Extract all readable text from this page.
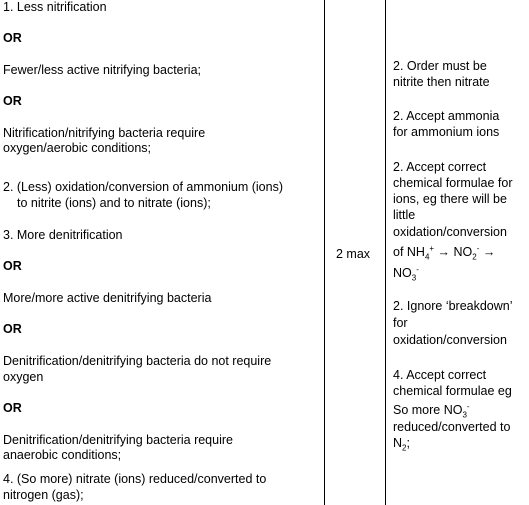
1. Less nitrification
OR
Fewer/less active nitrifying bacteria;
OR
Nitrification/nitrifying bacteria require
oxygen/aerobic conditions;
2. (Less) oxidation/conversion of ammonium (ions)
to nitrite (ions) and to nitrate (ions);
3. More denitrification
OR
More/more active denitrifying bacteria
OR
Denitrification/denitrifying bacteria do not require
oxygen
OR
Denitrification/denitrifying bacteria require
anaerobic conditions;
4. (So more) nitrate (ions) reduced/converted to
nitrogen (gas);
2 max
2. Order must be
nitrite then nitrate
2. Accept ammonia
for ammonium ions
2. Accept correct
chemical formulae for
ions, eg there will be
little
oxidation/conversion
of $NH_4^+ \to NO_2^-$ →
$NO_3^-$
2. Ignore ‘breakdown’
for
oxidation/conversion
4. Accept correct
chemical formulae eg
So more $NO_3^-$
reduced/converted to
$N_2$;
